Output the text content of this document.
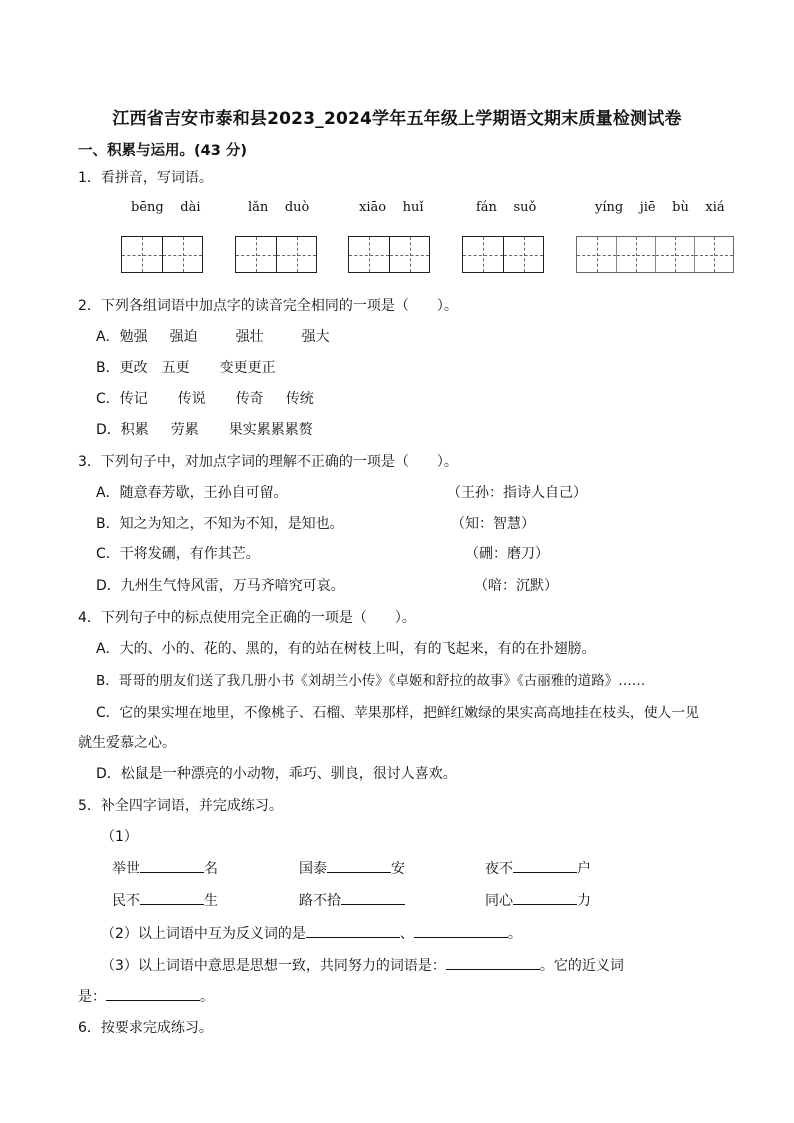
江西省吉安市泰和县2023_2024学年五年级上学期语文期末质量检测试卷
一、积累与运用。(43 分)
1．看拼音，写词语。
bēng dài	lǎn duò	xiāo huǐ	fán suǒ	yíng jiē bù xiá
2．下列各组词语中加点字的读音完全相同的一项是（　　）。
A．勉强 强迫	强壮	强大
B．更改 五更 变更更正
C．传记 传说 传奇 传统
D．积累 劳累 果实累累累赘
3．下列句子中，对加点字词的理解不正确的一项是（　　）。
A．随意春芳歇，王孙自可留。	（王孙：指诗人自己）
B．知之为知之，不知为不知，是知也。	（知：智慧）
C．干将发硎，有作其芒。	（硎：磨刀）
D．九州生气恃风雷，万马齐喑究可哀。	（喑：沉默）
4．下列句子中的标点使用完全正确的一项是（　　）。
A．大的、小的、花的、黑的，有的站在树枝上叫，有的飞起来，有的在扑翅膀。
B．哥哥的朋友们送了我几册小书《刘胡兰小传》《卓姬和舒拉的故事》《古丽雅的道路》……
C．它的果实埋在地里，不像桃子、石榴、苹果那样，把鲜红嫩绿的果实高高地挂在枝头，使人一见
就生爱慕之心。
D．松鼠是一种漂亮的小动物，乖巧、驯良，很讨人喜欢。
5．补全四字词语，并完成练习。
（1）
举世	名	国泰	安	夜不	户
民不	生	路不拾	同心	力
（2）以上词语中互为反义词的是	、	。
（3）以上词语中意思是思想一致，共同努力的词语是：	。它的近义词
是：	。
6．按要求完成练习。
